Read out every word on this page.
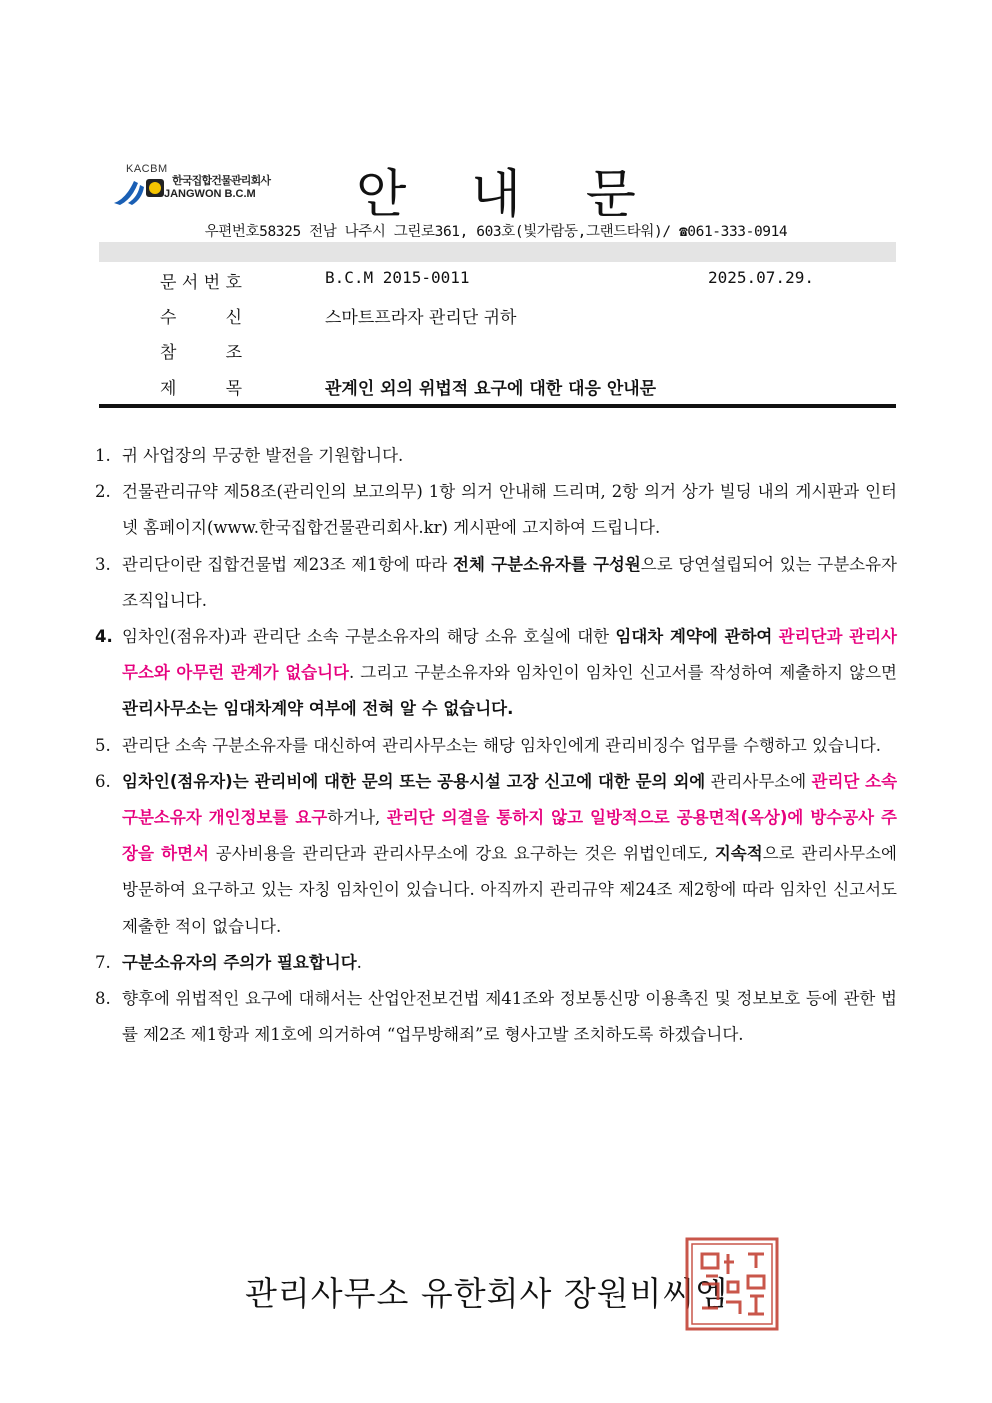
KACBM
한국집합건물관리회사
JANGWON B.C.M	안 내 문
우편번호58325 전남 나주시 그린로361, 603호(빛가람동,그랜드타워)/ ☎061-333-0914
문 서 번 호	B.C.M 2015-0011	2025.07.29.
수	신	스마트프라자 관리단 귀하
참	조
제	목	관계인 외의 위법적 요구에 대한 대응 안내문
1. 귀 사업장의 무궁한 발전을 기원합니다.
2. 건물관리규약 제58조(관리인의 보고의무) 1항 의거 안내해 드리며, 2항 의거 상가 빌딩 내의 게시판과 인터넷 홈페이지(www.한국집합건물관리회사.kr) 게시판에 고지하여 드립니다.
3. 관리단이란 집합건물법 제23조 제1항에 따라 전체 구분소유자를 구성원으로 당연설립되어 있는 구분소유자 조직입니다.
4. 임차인(점유자)과 관리단 소속 구분소유자의 해당 소유 호실에 대한 임대차 계약에 관하여 관리단과 관리사무소와 아무런 관계가 없습니다. 그리고 구분소유자와 임차인이 임차인 신고서를 작성하여 제출하지 않으면 관리사무소는 임대차계약 여부에 전혀 알 수 없습니다.
5. 관리단 소속 구분소유자를 대신하여 관리사무소는 해당 임차인에게 관리비징수 업무를 수행하고 있습니다.
6. 임차인(점유자)는 관리비에 대한 문의 또는 공용시설 고장 신고에 대한 문의 외에 관리사무소에 관리단 소속 구분소유자 개인정보를 요구하거나, 관리단 의결을 통하지 않고 일방적으로 공용면적(옥상)에 방수공사 주장을 하면서 공사비용을 관리단과 관리사무소에 강요 요구하는 것은 위법인데도, 지속적으로 관리사무소에 방문하여 요구하고 있는 자칭 임차인이 있습니다. 아직까지 관리규약 제24조 제2항에 따라 임차인 신고서도 제출한 적이 없습니다.
7. 구분소유자의 주의가 필요합니다.
8. 향후에 위법적인 요구에 대해서는 산업안전보건법 제41조와 정보통신망 이용촉진 및 정보보호 등에 관한 법률 제2조 제1항과 제1호에 의거하여 “업무방해죄”로 형사고발 조치하도록 하겠습니다.
관리사무소 유한회사 장원비씨엠
